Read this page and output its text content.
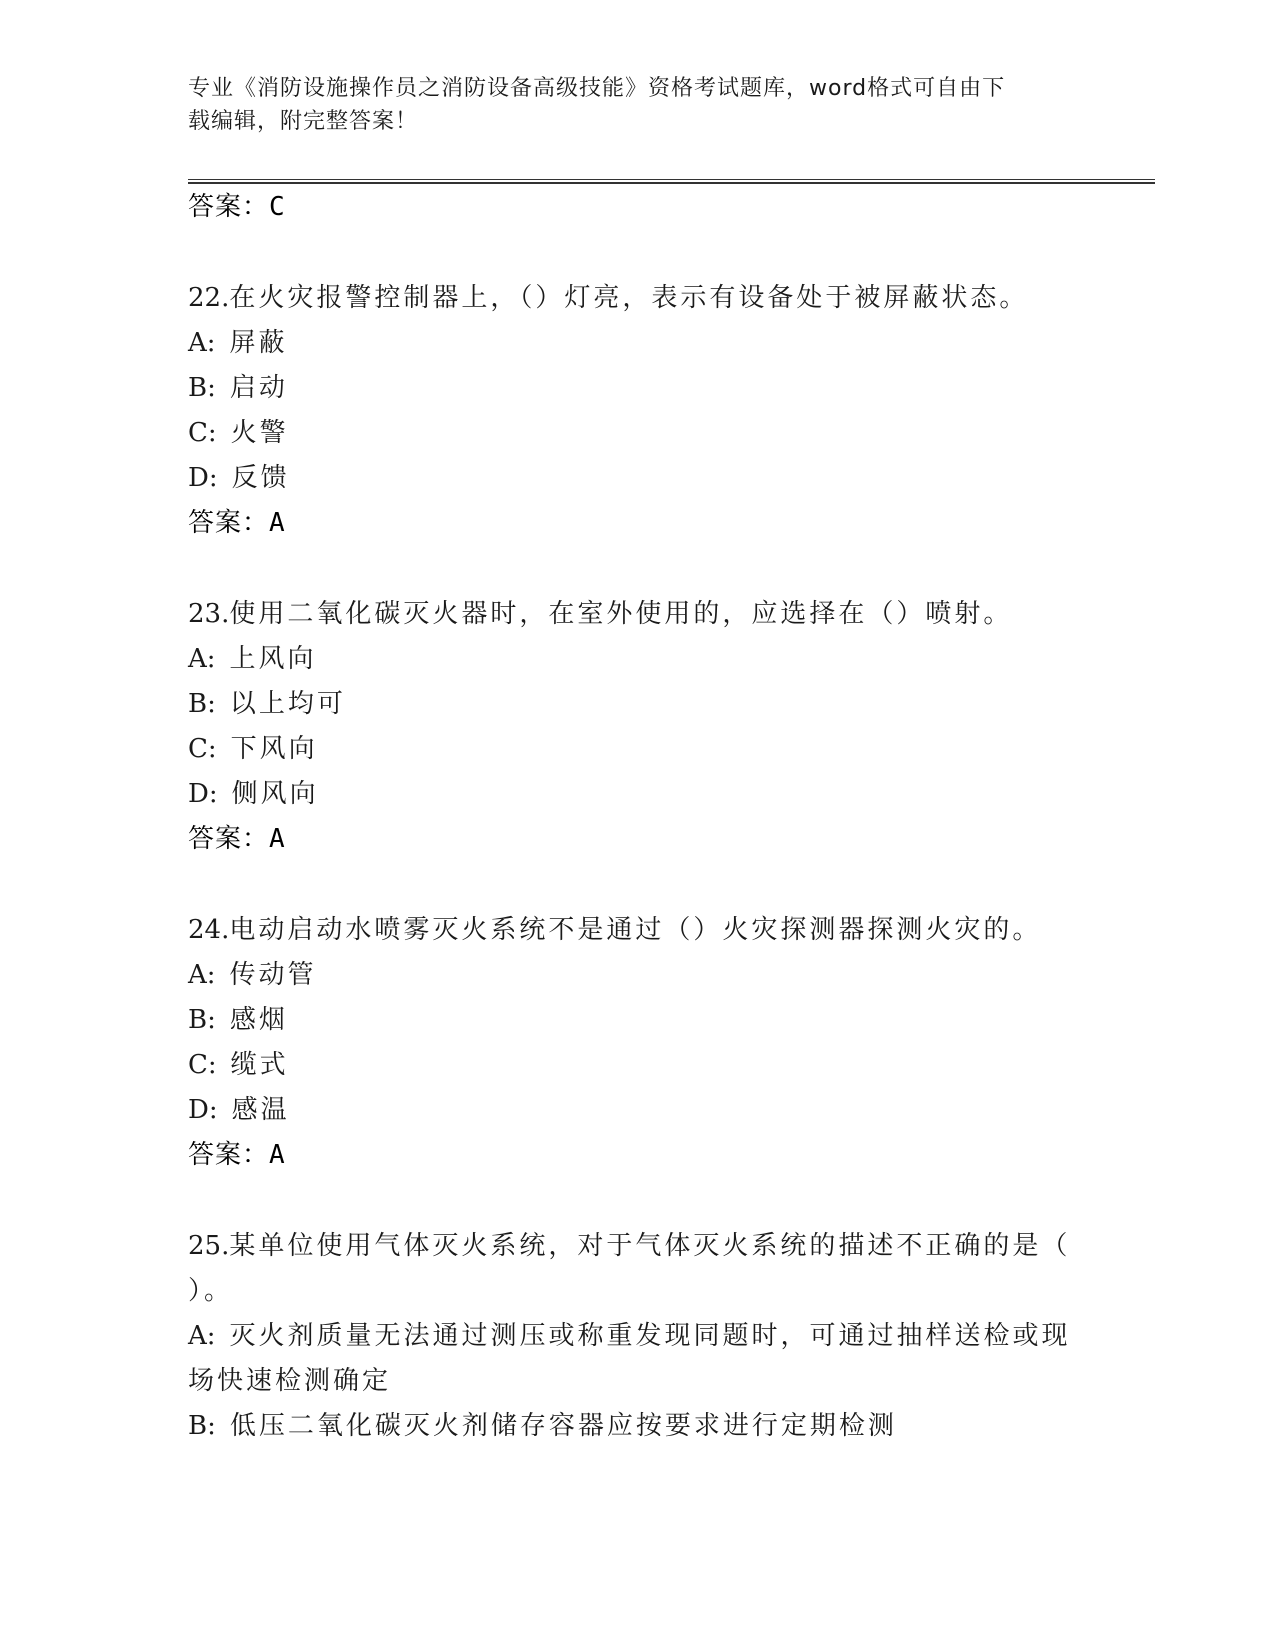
专业《消防设施操作员之消防设备高级技能》资格考试题库，word格式可自由下
载编辑，附完整答案！
答案：C
22.在火灾报警控制器上，（）灯亮，表示有设备处于被屏蔽状态。
A: 屏蔽
B: 启动
C: 火警
D: 反馈
答案：A
23.使用二氧化碳灭火器时，在室外使用的，应选择在（）喷射。
A: 上风向
B: 以上均可
C: 下风向
D: 侧风向
答案：A
24.电动启动水喷雾灭火系统不是通过（）火灾探测器探测火灾的。
A: 传动管
B: 感烟
C: 缆式
D: 感温
答案：A
25.某单位使用气体灭火系统，对于气体灭火系统的描述不正确的是（
）。
A: 灭火剂质量无法通过测压或称重发现同题时，可通过抽样送检或现
场快速检测确定
B: 低压二氧化碳灭火剂储存容器应按要求进行定期检测
